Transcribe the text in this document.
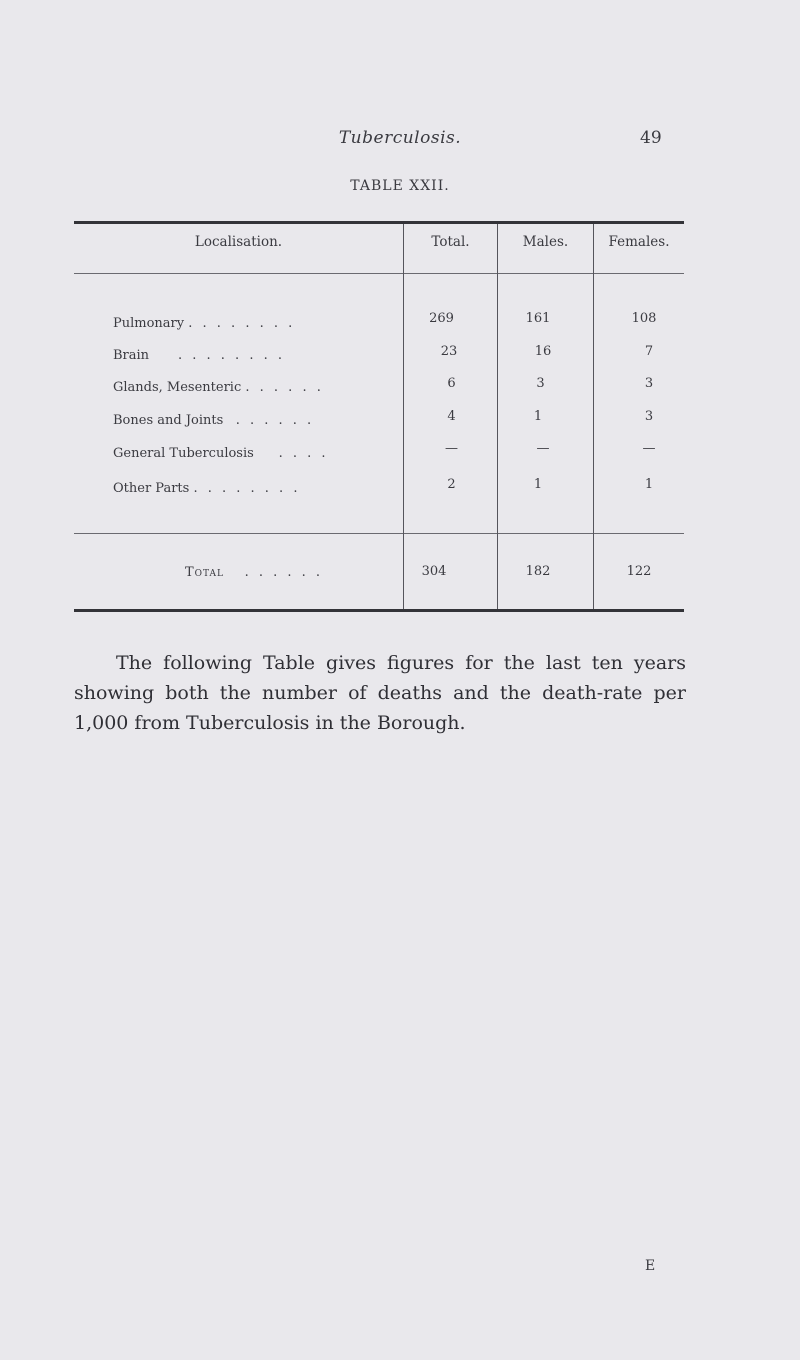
Tuberculosis.	49
TABLE XXII.
Localisation.	Total.	Males.	Females.
Pulmonary . . . . . . . .	269	161	108
Brain . . . . . . . .	23	16	7
Glands, Mesenteric . . . . . .	6	3	3
Bones and Joints . . . . . .	4	1	3
General Tuberculosis . . . .	—	—	—
Other Parts . . . . . . . .	2	1	1
Total . . . . . .	304	182	122
The following Table gives figures for the last ten years showing both the number of deaths and the death-rate per 1,000 from Tuberculosis in the Borough.
E
